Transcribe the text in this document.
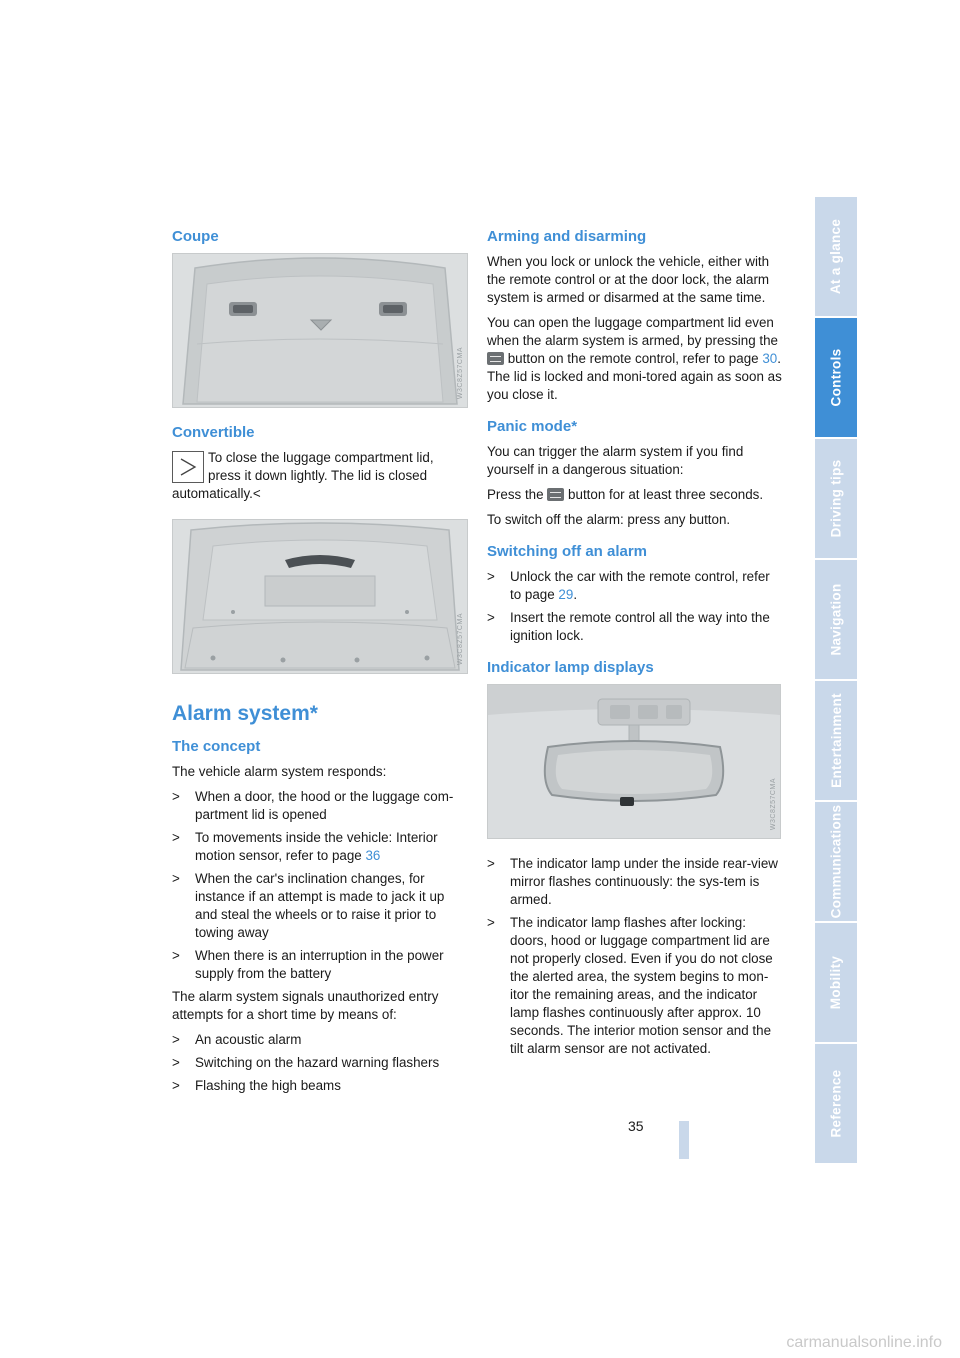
Coupe
W3C8Z57CMA
Convertible
To close the luggage compartment lid,
press it down lightly. The lid is closed
automatically.<
W3C8Z57CMA
Alarm system*
The concept

The vehicle alarm system responds:

> When a door, the hood or the luggage com-partment lid is opened
> To movements inside the vehicle: Interior motion sensor, refer to page 36
> When the car's inclination changes, for instance if an attempt is made to jack it up and steal the wheels or to raise it prior to towing away
> When there is an interruption in the power supply from the battery

The alarm system signals unauthorized entry attempts for a short time by means of:

> An acoustic alarm
> Switching on the hazard warning flashers
> Flashing the high beams
Arming and disarming

When you lock or unlock the vehicle, either with the remote control or at the door lock, the alarm system is armed or disarmed at the same time.

You can open the luggage compartment lid even when the alarm system is armed, by pressing the  button on the remote control, refer to page 30. The lid is locked and moni-tored again as soon as you close it.

Panic mode*

You can trigger the alarm system if you find yourself in a dangerous situation:

Press the button for at least three seconds.

To switch off the alarm: press any button.

Switching off an alarm
> Unlock the car with the remote control, refer to page 29.
> Insert the remote control all the way into the ignition lock.
Indicator lamp displays
W3C8Z57CMA
> The indicator lamp under the inside rear-view mirror flashes continuously: the sys-tem is armed.
> The indicator lamp flashes after locking: doors, hood or luggage compartment lid are not properly closed. Even if you do not close the alerted area, the system begins to mon-itor the remaining areas, and the indicator lamp flashes continuously after approx. 10 seconds. The interior motion sensor and the tilt alarm sensor are not activated.
At a glance
Controls
Driving tips
Navigation
Entertainment
Communications
Mobility
Reference
35
carmanualsonline.info
